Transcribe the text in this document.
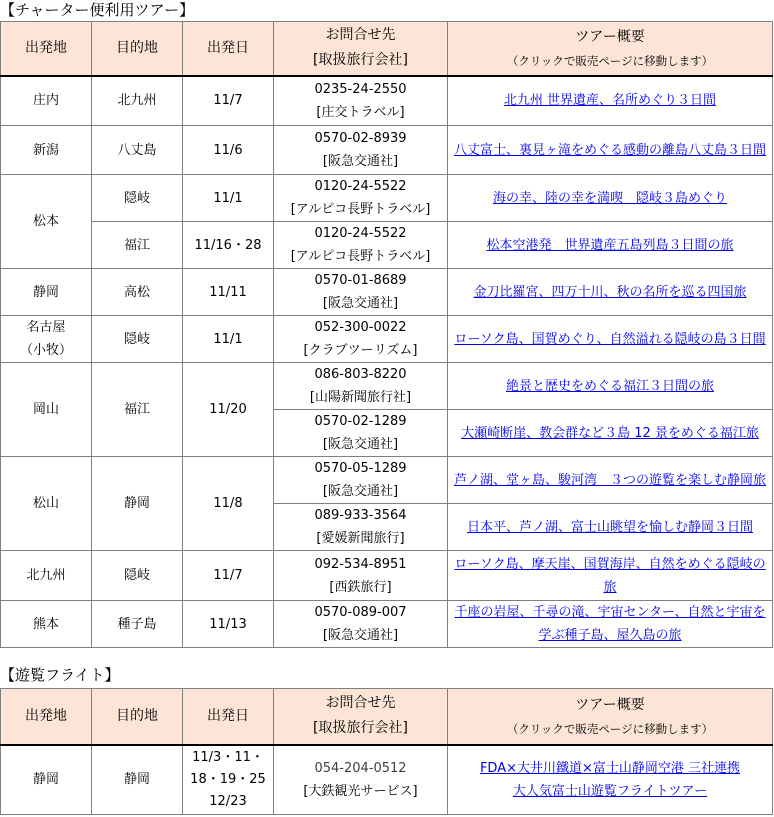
【チャーター便利用ツアー】
出発地	目的地	出発日	お問合せ先
[取扱旅行会社]	ツアー概要
（クリックで販売ページに移動します）

庄内	北九州	11/7	0235-24-2550
[庄交トラベル]	北九州 世界遺産、名所めぐり３日間
新潟	八丈島	11/6	0570-02-8939
[阪急交通社]	八丈富士、裏見ヶ滝をめぐる感動の離島八丈島３日間
松本	隠岐	11/1	0120-24-5522
[アルピコ長野トラベル]	海の幸、陸の幸を満喫　隠岐３島めぐり
	福江	11/16・28	0120-24-5522
[アルピコ長野トラベル]	松本空港発　世界遺産五島列島３日間の旅
静岡	高松	11/11	0570-01-8689
[阪急交通社]	金刀比羅宮、四万十川、秋の名所を巡る四国旅

名古屋
（小牧）	隠岐	11/1	052-300-0022
[クラブツーリズム]	ローソク島、国賀めぐり、自然溢れる隠岐の島３日間
岡山	福江	11/20	086-803-8220
[山陽新聞旅行社]	絶景と歴史をめぐる福江３日間の旅

			0570-02-1289
[阪急交通社]	大瀬崎断崖、教会群など３島 12 景をめぐる福江旅
松山	静岡	11/8	0570-05-1289
[阪急交通社]	芦ノ湖、堂ヶ島、駿河湾　３つの遊覧を楽しむ静岡旅

			089-933-3564
[愛媛新聞旅行]	日本平、芦ノ湖、富士山眺望を愉しむ静岡３日間
北九州	隠岐	11/7	092-534-8951
[西鉄旅行]	ローソク島、摩天崖、国賀海岸、自然をめぐる隠岐の旅
熊本	種子島	11/13	0570-089-007
[阪急交通社]	千座の岩屋、千尋の滝、宇宙センター、自然と宇宙を学ぶ種子島、屋久島の旅
【遊覧フライト】
出発地	目的地	出発日	お問合せ先
[取扱旅行会社]	ツアー概要
（クリックで販売ページに移動します）

静岡	静岡	11/3・11・
18・19・25
12/23	054-204-0512
[大鉄観光サービス]	FDA×大井川鐵道×富士山静岡空港 三社連携
大人気富士山遊覧フライトツアー
